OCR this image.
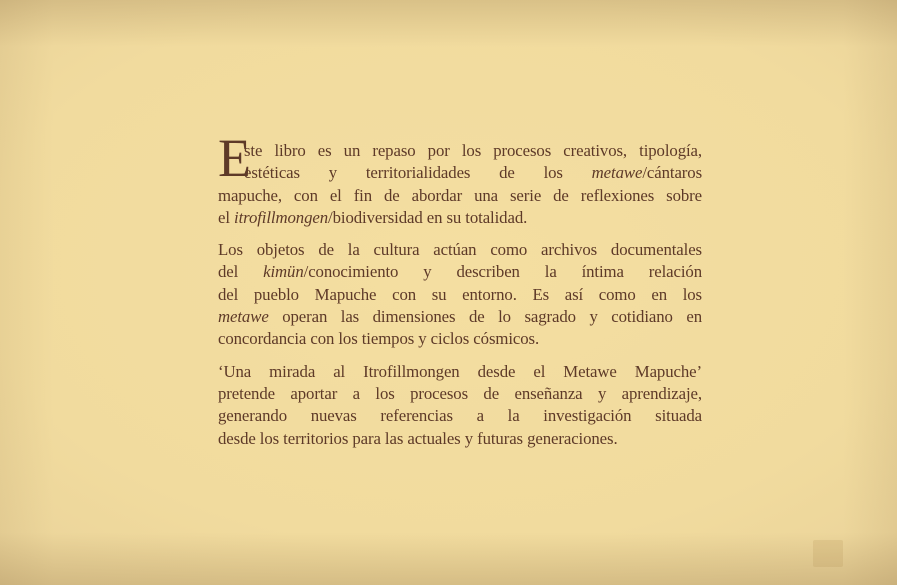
E
ste libro es un repaso por los procesos creativos, tipología,
estéticas y territorialidades de los metawe/cántaros
mapuche, con el fin de abordar una serie de reflexiones sobre
el itrofillmongen/biodiversidad en su totalidad.
Los objetos de la cultura actúan como archivos documentales
del kimün/conocimiento y describen la íntima relación
del pueblo Mapuche con su entorno. Es así como en los
metawe operan las dimensiones de lo sagrado y cotidiano en
concordancia con los tiempos y ciclos cósmicos.
‘Una mirada al Itrofillmongen desde el Metawe Mapuche’
pretende aportar a los procesos de enseñanza y aprendizaje,
generando nuevas referencias a la investigación situada
desde los territorios para las actuales y futuras generaciones.
